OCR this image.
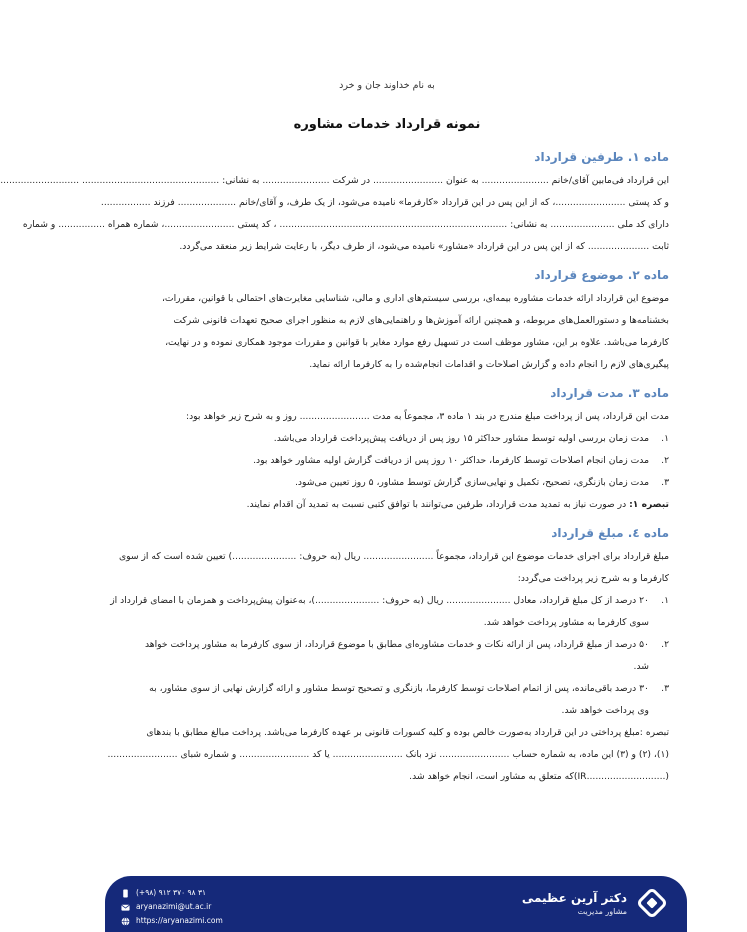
به نام خداوند جان و خرد
نمونه قرارداد خدمات مشاوره
ماده ۱. طرفین قرارداد
این قرارداد فی‌مابین آقای/خانم ....................... به عنوان ........................ در شرکت ....................... به نشانی: ............................................... ...........................
و کد پستی ........................، که از این پس در این قرارداد «کارفرما» نامیده می‌شود، از یک طرف، و آقای/خانم .................... فرزند .................
دارای کد ملی ...................... به نشانی: .............................................................................. ، کد پستی ........................، شماره همراه ................ و شماره
ثابت ..................... که از این پس در این قرارداد «مشاور» نامیده می‌شود، از طرف دیگر، با رعایت شرایط زیر منعقد می‌گردد.
ماده ۲. موضوع قرارداد
موضوع این قرارداد ارائه خدمات مشاوره بیمه‌ای، بررسی سیستم‌های اداری و مالی، شناسایی مغایرت‌های احتمالی با قوانین، مقررات،
بخشنامه‌ها و دستورالعمل‌های مربوطه، و همچنین ارائه آموزش‌ها و راهنمایی‌های لازم به منظور اجرای صحیح تعهدات قانونی شرکت
کارفرما می‌باشد. علاوه بر این، مشاور موظف است در تسهیل رفع موارد مغایر با قوانین و مقررات موجود همکاری نموده و در نهایت،
پیگیری‌های لازم را انجام داده و گزارش اصلاحات و اقدامات انجام‌شده را به کارفرما ارائه نماید.
ماده ۳. مدت قرارداد
مدت این قرارداد، پس از پرداخت مبلغ مندرج در بند ۱ ماده ۳، مجموعاً به مدت ........................ روز و به شرح زیر خواهد بود:
۱.
مدت زمان بررسی اولیه توسط مشاور حداکثر ۱۵ روز پس از دریافت پیش‌پرداخت قرارداد می‌باشد.
۲.
مدت زمان انجام اصلاحات توسط کارفرما، حداکثر ۱۰ روز پس از دریافت گزارش اولیه مشاور خواهد بود.
۳.
مدت زمان بازنگری، تصحیح، تکمیل و نهایی‌سازی گزارش توسط مشاور، ۵ روز تعیین می‌شود.
تبصره ۱: در صورت نیاز به تمدید مدت قرارداد، طرفین می‌توانند با توافق کتبی نسبت به تمدید آن اقدام نمایند.
ماده ٤. مبلغ قرارداد
مبلغ قرارداد برای اجرای خدمات موضوع این قرارداد، مجموعاً ........................ ریال (به حروف: ......................) تعیین شده است که از سوی
کارفرما و به شرح زیر پرداخت می‌گردد:
۱.
۲۰ درصد از کل مبلغ قرارداد، معادل ...................... ریال (به حروف: ......................)، به‌عنوان پیش‌پرداخت و همزمان با امضای قرارداد از
سوی کارفرما به مشاور پرداخت خواهد شد.
۲.
۵۰ درصد از مبلغ قرارداد، پس از ارائه نکات و خدمات مشاوره‌ای مطابق با موضوع قرارداد، از سوی کارفرما به مشاور پرداخت خواهد
شد.
۳.
۳۰ درصد باقی‌مانده، پس از اتمام اصلاحات توسط کارفرما، بازنگری و تصحیح توسط مشاور و ارائه گزارش نهایی از سوی مشاور، به
وی پرداخت خواهد شد.
تبصره :مبلغ پرداختی در این قرارداد به‌صورت خالص بوده و کلیه کسورات قانونی بر عهده کارفرما می‌باشد. پرداخت مبالغ مطابق با بندهای
(۱)، (۲) و (۳) این ماده، به شماره حساب ........................ نزد بانک ........................ یا کد ........................ و شماره شبای ........................
(...........................IR)که متعلق به مشاور است، انجام خواهد شد.
دکتر آرین عظیمی
مشاور مدیریت
(+۹۸) ۹۱۲ ۳۷۰ ۹۸ ۳۱
aryanazimi@ut.ac.ir
https://aryanazimi.com
